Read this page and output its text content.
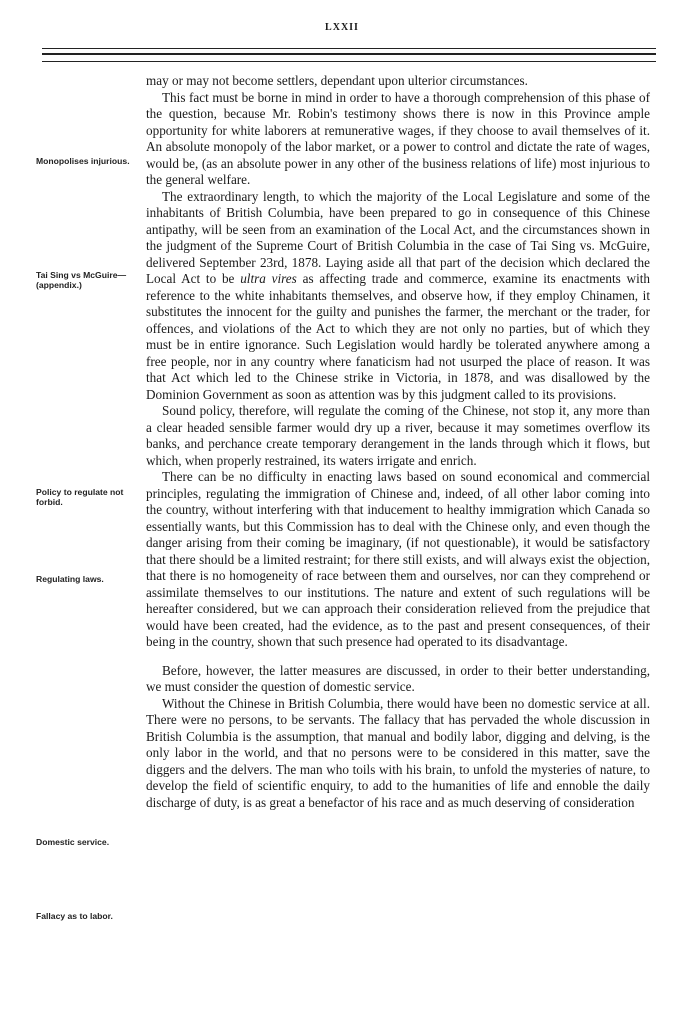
LXXII
Monopolises injurious.
Tai Sing vs McGuire—(appendix.)
Policy to regulate not forbid.
Regulating laws.
Domestic service.
Fallacy as to labor.

may or may not become settlers, dependant upon ulterior circumstances.

This fact must be borne in mind in order to have a thorough comprehension of this phase of the question, because Mr. Robin's testimony shows there is now in this Province ample opportunity for white laborers at remunerative wages, if they choose to avail themselves of it. An absolute monopoly of the labor market, or a power to control and dictate the rate of wages, would be, (as an absolute power in any other of the business relations of life) most injurious to the general welfare.

The extraordinary length, to which the majority of the Local Legislature and some of the inhabitants of British Columbia, have been prepared to go in consequence of this Chinese antipathy, will be seen from an examination of the Local Act, and the circumstances shown in the judgment of the Supreme Court of British Columbia in the case of Tai Sing vs. McGuire, delivered September 23rd, 1878. Laying aside all that part of the decision which declared the Local Act to be ultra vires as affecting trade and commerce, examine its enactments with reference to the white inhabitants themselves, and observe how, if they employ Chinamen, it substitutes the innocent for the guilty and punishes the farmer, the merchant or the trader, for offences, and violations of the Act to which they are not only no parties, but of which they must be in entire ignorance. Such Legislation would hardly be tolerated anywhere among a free people, nor in any country where fanaticism had not usurped the place of reason. It was that Act which led to the Chinese strike in Victoria, in 1878, and was disallowed by the Dominion Government as soon as attention was by this judgment called to its provisions.

Sound policy, therefore, will regulate the coming of the Chinese, not stop it, any more than a clear headed sensible farmer would dry up a river, because it may sometimes overflow its banks, and perchance create temporary derangement in the lands through which it flows, but which, when properly restrained, its waters irrigate and enrich.

There can be no difficulty in enacting laws based on sound economical and commercial principles, regulating the immigration of Chinese and, indeed, of all other labor coming into the country, without interfering with that inducement to healthy immigration which Canada so essentially wants, but this Commission has to deal with the Chinese only, and even though the danger arising from their coming be imaginary, (if not questionable), it would be satisfactory that there should be a limited restraint; for there still exists, and will always exist the objection, that there is no homogeneity of race between them and ourselves, nor can they comprehend or assimilate themselves to our institutions. The nature and extent of such regulations will be hereafter considered, but we can approach their consideration relieved from the prejudice that would have been created, had the evidence, as to the past and present consequences, of their being in the country, shown that such presence had operated to its disadvantage.

Before, however, the latter measures are discussed, in order to their better understanding, we must consider the question of domestic service.

Without the Chinese in British Columbia, there would have been no domestic service at all. There were no persons, to be servants. The fallacy that has pervaded the whole discussion in British Columbia is the assumption, that manual and bodily labor, digging and delving, is the only labor in the world, and that no persons were to be considered in this matter, save the diggers and the delvers. The man who toils with his brain, to unfold the mysteries of nature, to develop the field of scientific enquiry, to add to the humanities of life and ennoble the daily discharge of duty, is as great a benefactor of his race and as much deserving of consideration
